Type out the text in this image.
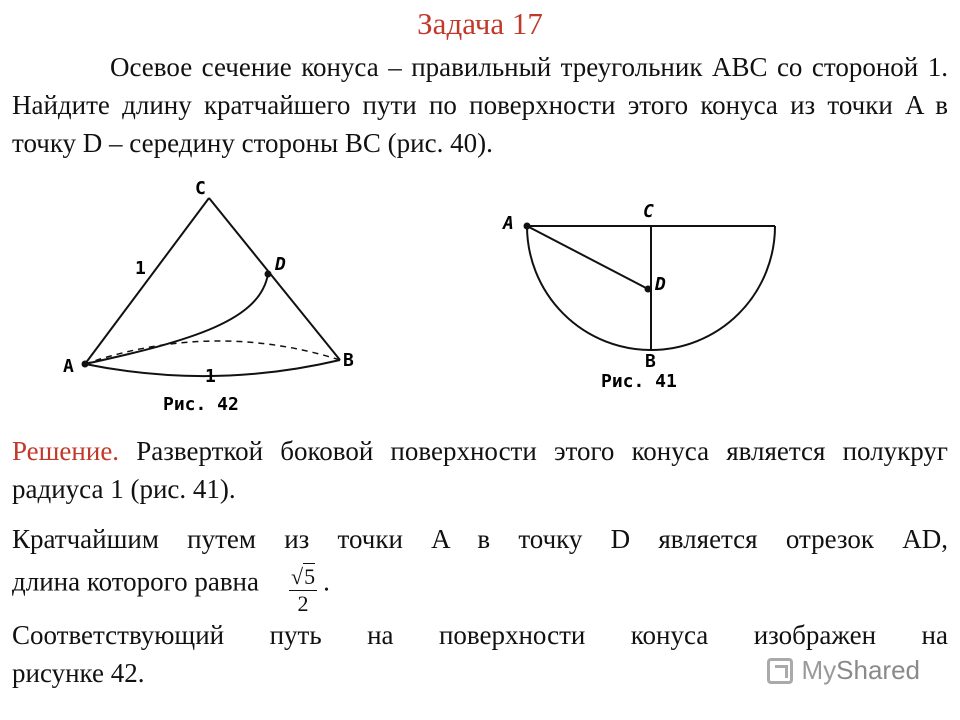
Задача 17
Осевое сечение конуса – правильный треугольник ABC со стороной 1. Найдите длину кратчайшего пути по поверхности этого конуса из точки A в точку D – середину стороны BC (рис. 40).
C
D
A	B
1
1
Рис. 42
A
C
D
B
Рис. 41
Решение. Разверткой боковой поверхности этого конуса является полукруг радиуса 1 (рис. 41).
Кратчайшим путем из точки A в точку D является отрезок AD,
длина которого равна $\frac{√5}{2}$ .
Соответствующий путь на поверхности конуса изображен на
рисунке 42.	My Shared
